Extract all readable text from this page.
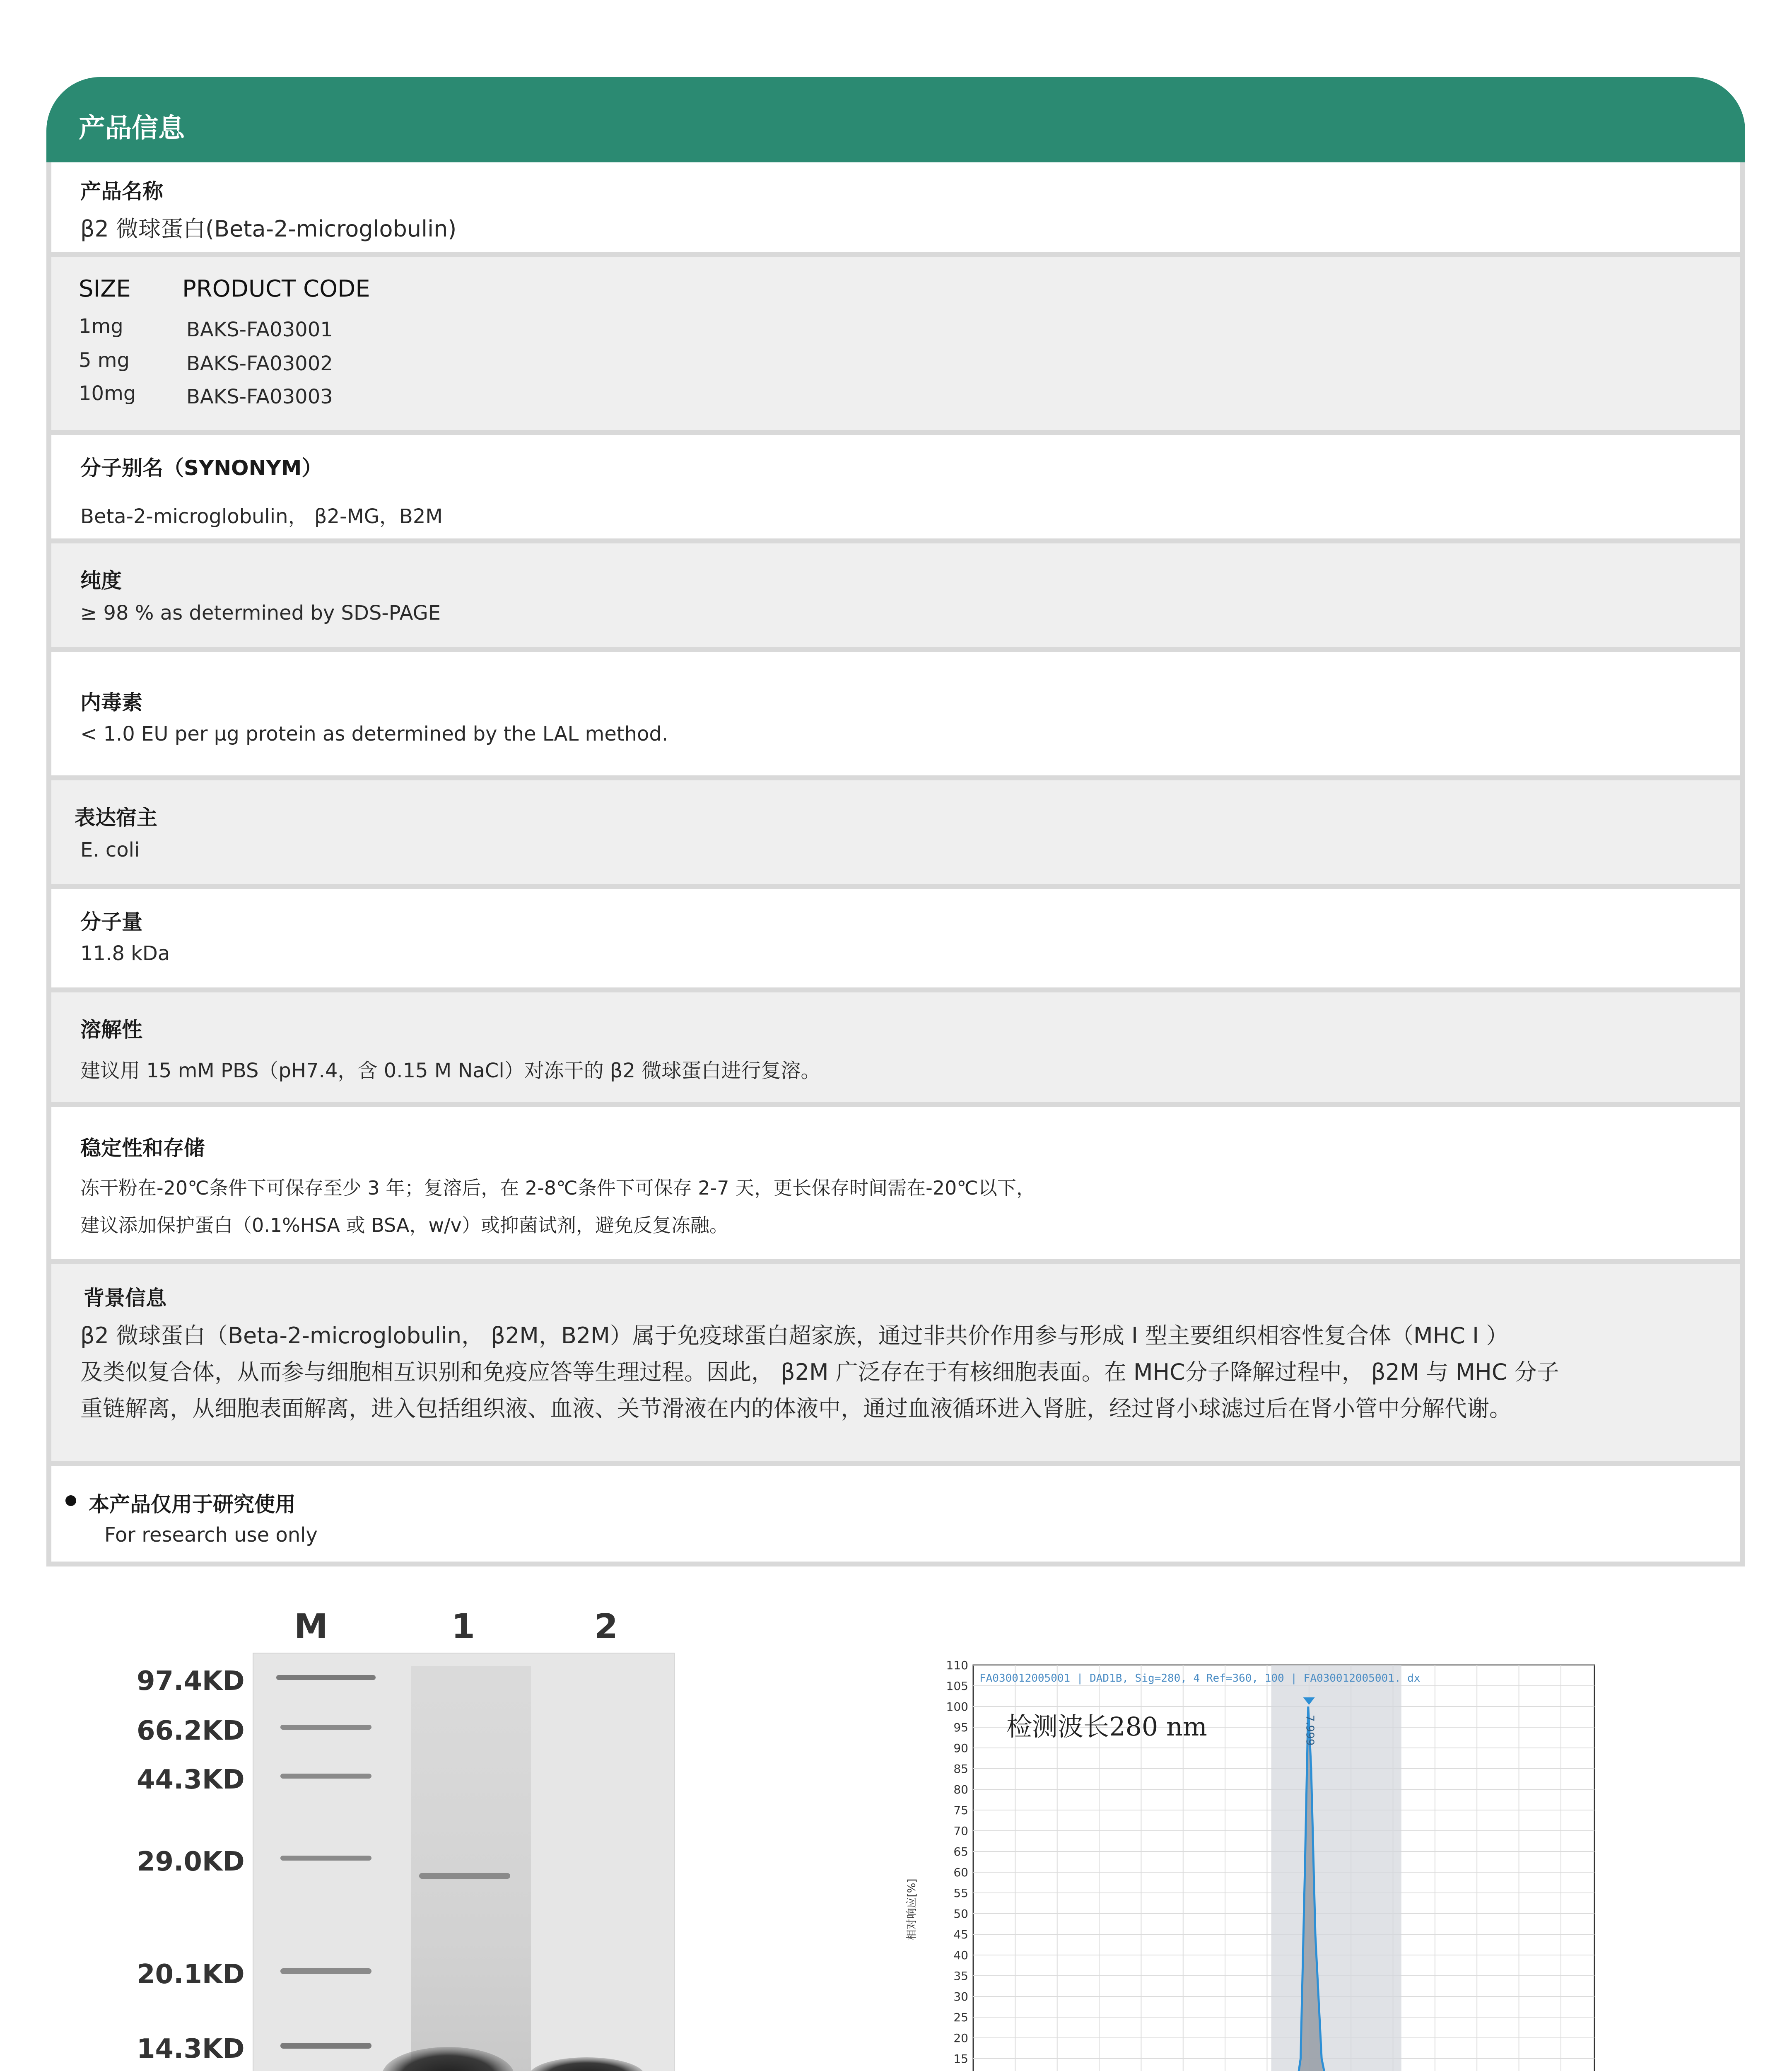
产品信息
产品名称
β2 微球蛋白(Beta-2-microglobulin)
SIZE PRODUCT CODE
1mg	BAKS-FA03001
5 mg	BAKS-FA03002
10mg	BAKS-FA03003
分子别名（SYNONYM）
Beta-2-microglobulin， β2-MG，B2M
纯度
≥ 98 % as determined by SDS-PAGE
内毒素
< 1.0 EU per μg protein as determined by the LAL method.
表达宿主
E. coli
分子量
11.8 kDa
溶解性
建议用 15 mM PBS（pH7.4，含 0.15 M NaCl）对冻干的 β2 微球蛋白进行复溶。
稳定性和存储
冻干粉在-20℃条件下可保存至少 3 年；复溶后，在 2-8℃条件下可保存 2-7 天，更长保存时间需在-20℃以下，
建议添加保护蛋白（0.1%HSA 或 BSA，w/v）或抑菌试剂，避免反复冻融。
背景信息
β2 微球蛋白（Beta-2-microglobulin， β2M，B2M）属于免疫球蛋白超家族，通过非共价作用参与形成 I 型主要组织相容性复合体（MHC I ）
及类似复合体，从而参与细胞相互识别和免疫应答等生理过程。因此， β2M 广泛存在于有核细胞表面。在 MHC分子降解过程中， β2M 与 MHC 分子
重链解离，从细胞表面解离，进入包括组织液、血液、关节滑液在内的体液中，通过血液循环进入肾脏，经过肾小球滤过后在肾小管中分解代谢。
本产品仅用于研究使用
For research use only
M	1	2
97.4KD
66.2KD
44.3KD
29.0KD
20.1KD
14.3KD	15
20
25
30
35
40
45
50
55
60
65
70
75
80
85
90
95
100
105
110
FA030012005001 | DAD1B, Sig=280, 4 Ref=360, 100 | FA030012005001. dx
检测波长280 nm	7.999
相对响应[%]
